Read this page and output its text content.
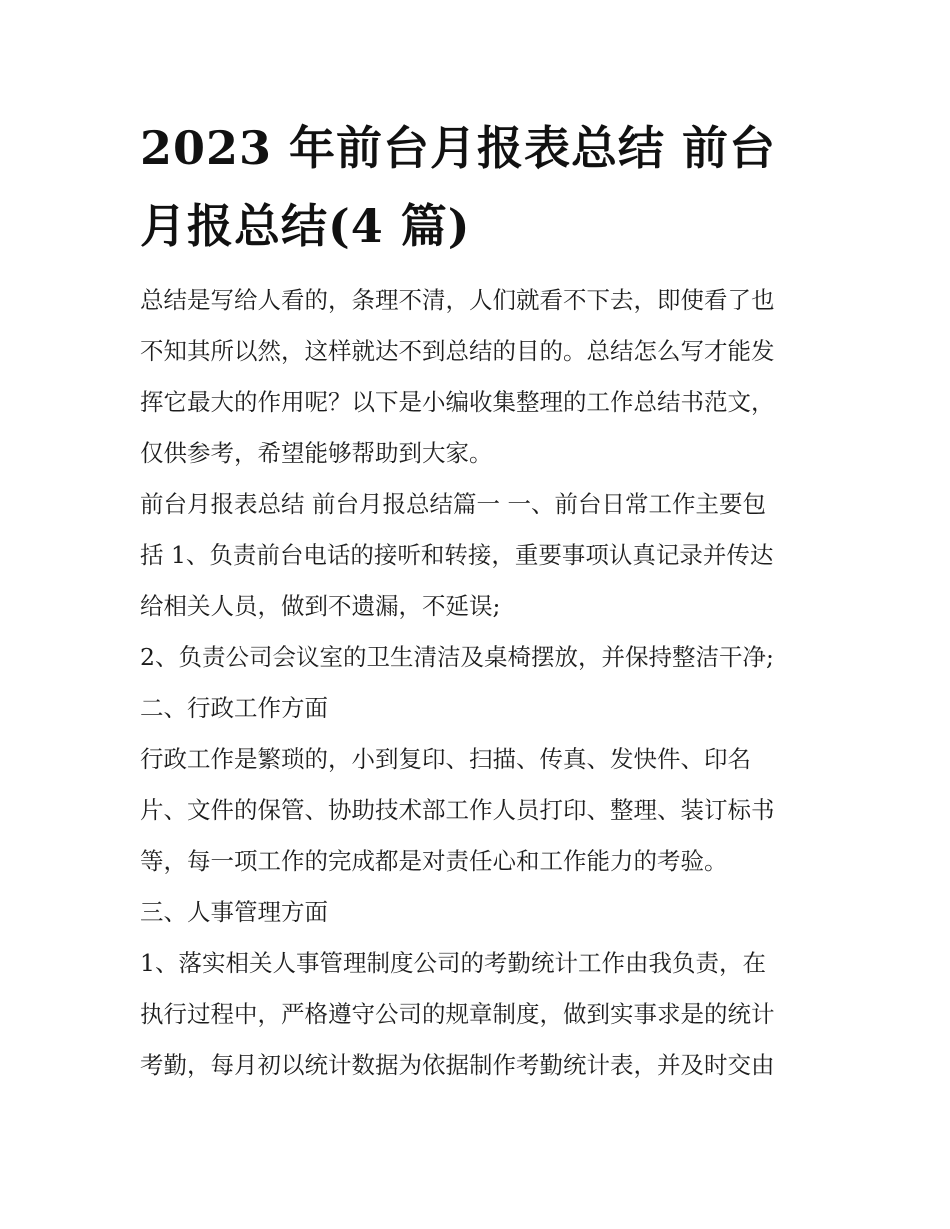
2023 年前台月报表总结 前台
月报总结(4 篇)

总结是写给人看的，条理不清，人们就看不下去，即使看了也

不知其所以然，这样就达不到总结的目的。总结怎么写才能发

挥它最大的作用呢？以下是小编收集整理的工作总结书范文，

仅供参考，希望能够帮助到大家。

前台月报表总结 前台月报总结篇一 一、前台日常工作主要包

括 1、负责前台电话的接听和转接，重要事项认真记录并传达

给相关人员，做到不遗漏，不延误;

2、负责公司会议室的卫生清洁及桌椅摆放，并保持整洁干净;

二、行政工作方面

行政工作是繁琐的，小到复印、扫描、传真、发快件、印名

片、文件的保管、协助技术部工作人员打印、整理、装订标书

等，每一项工作的完成都是对责任心和工作能力的考验。

三、人事管理方面

1、落实相关人事管理制度公司的考勤统计工作由我负责，在

执行过程中，严格遵守公司的规章制度，做到实事求是的统计

考勤，每月初以统计数据为依据制作考勤统计表，并及时交由
